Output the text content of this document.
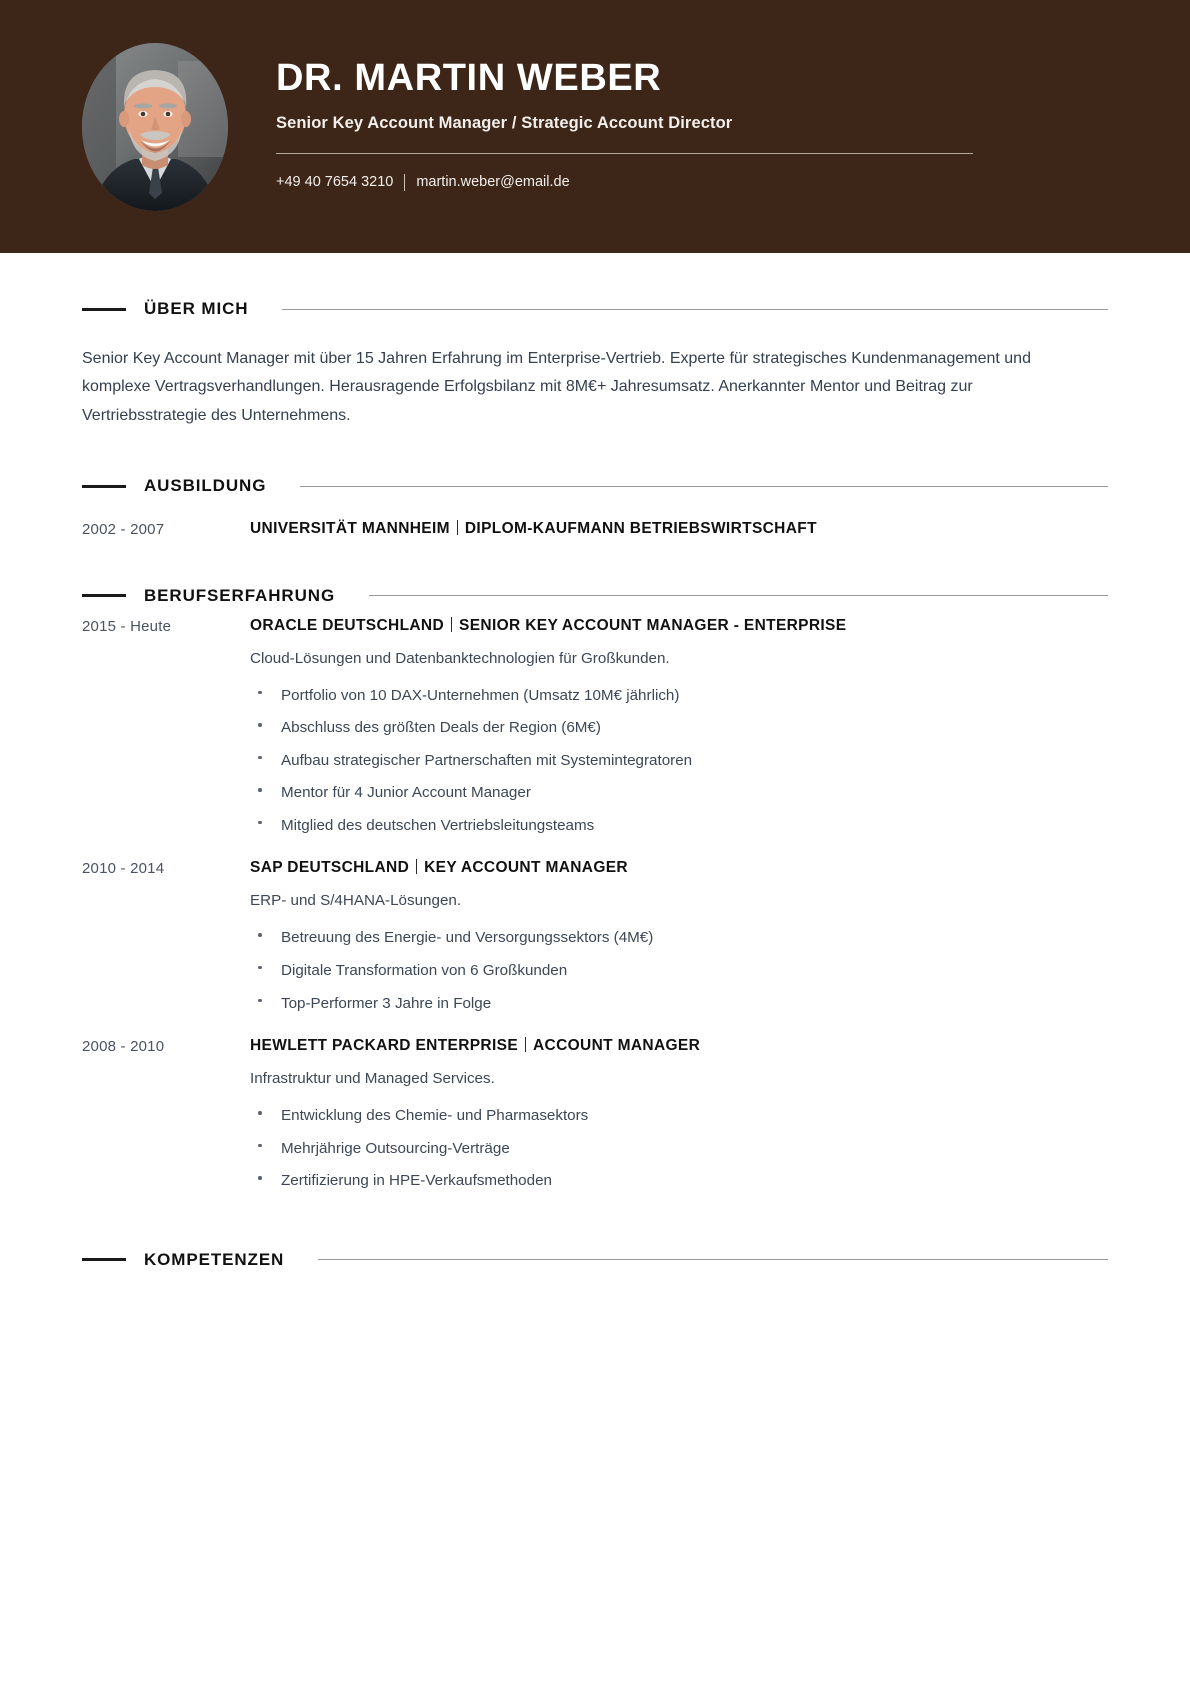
DR. MARTIN WEBER
Senior Key Account Manager / Strategic Account Director
+49 40 7654 3210 martin.weber@email.de
ÜBER MICH

Senior Key Account Manager mit über 15 Jahren Erfahrung im Enterprise-Vertrieb. Experte für strategisches Kundenmanagement und komplexe Vertragsverhandlungen. Herausragende Erfolgsbilanz mit 8M€+ Jahresumsatz. Anerkannter Mentor und Beitrag zur Vertriebsstrategie des Unternehmens.

AUSBILDUNG
2002 - 2007	UNIVERSITÄT MANNHEIM DIPLOM-KAUFMANN BETRIEBSWIRTSCHAFT
BERUFSERFAHRUNG
2015 - Heute	ORACLE DEUTSCHLAND SENIOR KEY ACCOUNT MANAGER - ENTERPRISE
Cloud-Lösungen und Datenbanktechnologien für Großkunden.
Portfolio von 10 DAX-Unternehmen (Umsatz 10M€ jährlich)
Abschluss des größten Deals der Region (6M€)
Aufbau strategischer Partnerschaften mit Systemintegratoren
Mentor für 4 Junior Account Manager
Mitglied des deutschen Vertriebsleitungsteams
2010 - 2014	SAP DEUTSCHLAND KEY ACCOUNT MANAGER
ERP- und S/4HANA-Lösungen.
Betreuung des Energie- und Versorgungssektors (4M€)
Digitale Transformation von 6 Großkunden
Top-Performer 3 Jahre in Folge
2008 - 2010	HEWLETT PACKARD ENTERPRISE ACCOUNT MANAGER
Infrastruktur und Managed Services.
Entwicklung des Chemie- und Pharmasektors
Mehrjährige Outsourcing-Verträge
Zertifizierung in HPE-Verkaufsmethoden
KOMPETENZEN
